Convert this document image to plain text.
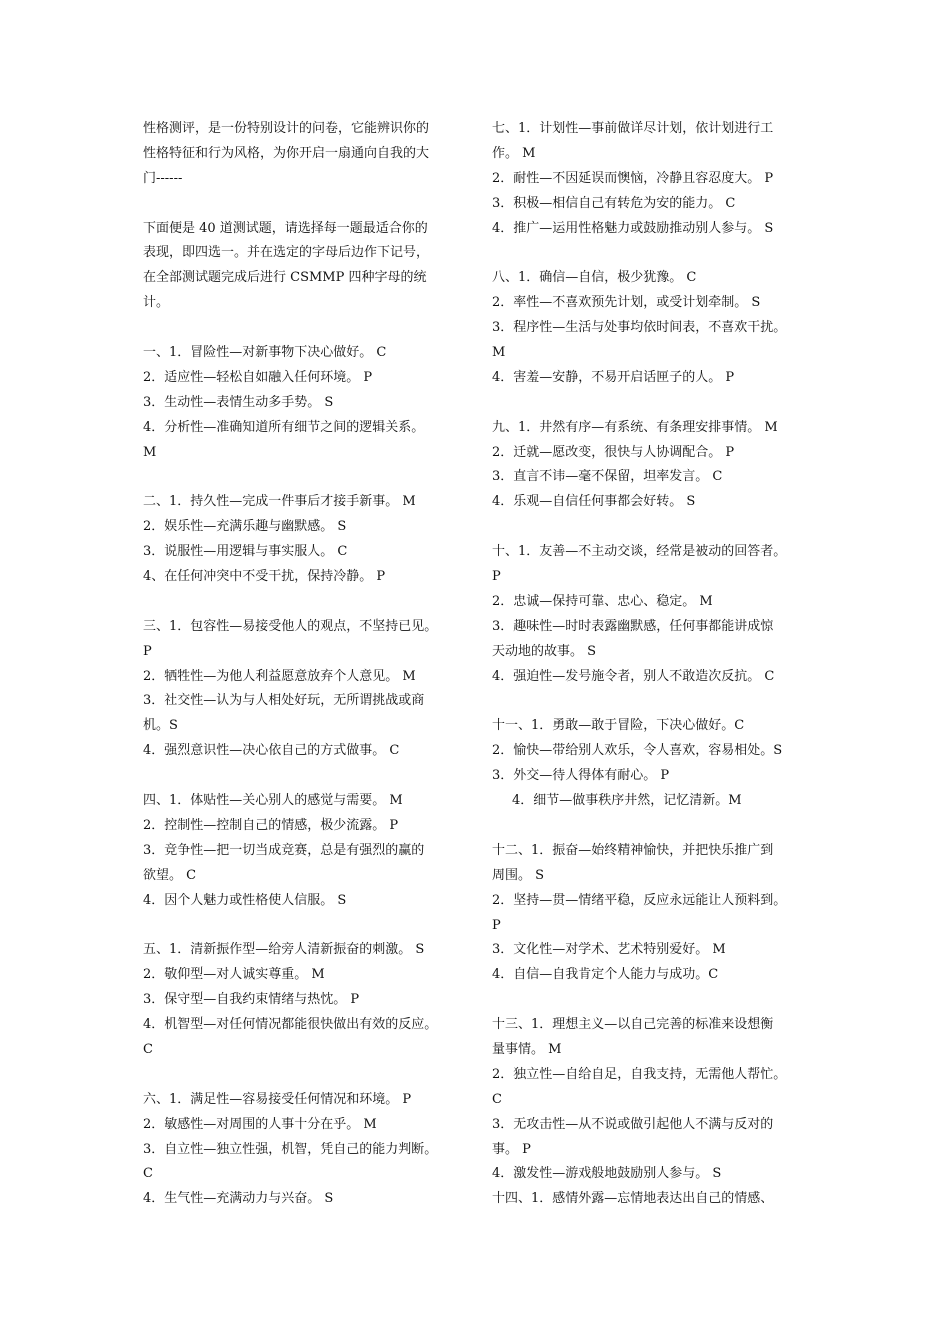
性格测评，是一份特别设计的问卷，它能辨识你的
性格特征和行为风格，为你开启一扇通向自我的大
门------
下面便是 40 道测试题，请选择每一题最适合你的
表现，即四选一。并在选定的字母后边作下记号，
在全部测试题完成后进行 CSMMP 四种字母的统
计。
一、1．冒险性—对新事物下决心做好。 C
2．适应性—轻松自如融入任何环境。 P
3．生动性—表情生动多手势。 S
4．分析性—准确知道所有细节之间的逻辑关系。
M
二、1．持久性—完成一件事后才接手新事。 M
2．娱乐性—充满乐趣与幽默感。 S
3．说服性—用逻辑与事实服人。 C
4、在任何冲突中不受干扰，保持冷静。 P
三、1．包容性—易接受他人的观点，不坚持已见。
P
2．牺牲性—为他人利益愿意放弃个人意见。 M
3．社交性—认为与人相处好玩，无所谓挑战或商
机。S
4．强烈意识性—决心依自己的方式做事。 C
四、1．体贴性—关心别人的感觉与需要。 M
2．控制性—控制自己的情感，极少流露。 P
3．竞争性—把一切当成竞赛，总是有强烈的赢的
欲望。 C
4．因个人魅力或性格使人信服。 S
五、1．清新振作型—给旁人清新振奋的刺激。 S
2．敬仰型—对人诚实尊重。 M
3．保守型—自我约束情绪与热忱。 P
4．机智型—对任何情况都能很快做出有效的反应。
C
六、1．满足性—容易接受任何情况和环境。 P
2．敏感性—对周围的人事十分在乎。 M
3．自立性—独立性强，机智，凭自己的能力判断。
C
4．生气性—充满动力与兴奋。 S
七、1．计划性—事前做详尽计划，依计划进行工
作。 M
2．耐性—不因延误而懊恼，冷静且容忍度大。 P
3．积极—相信自己有转危为安的能力。 C
4．推广—运用性格魅力或鼓励推动别人参与。 S
八、1．确信—自信，极少犹豫。 C
2．率性—不喜欢预先计划，或受计划牵制。 S
3．程序性—生活与处事均依时间表，不喜欢干扰。
M
4．害羞—安静，不易开启话匣子的人。 P
九、1．井然有序—有系统、有条理安排事情。 M
2．迁就—愿改变，很快与人协调配合。 P
3．直言不讳—毫不保留，坦率发言。 C
4．乐观—自信任何事都会好转。 S
十、1．友善—不主动交谈，经常是被动的回答者。
P
2．忠诚—保持可靠、忠心、稳定。 M
3．趣味性—时时表露幽默感，任何事都能讲成惊
天动地的故事。 S
4．强迫性—发号施令者，别人不敢造次反抗。 C
十一、1．勇敢—敢于冒险，下决心做好。C
2．愉快—带给别人欢乐，令人喜欢，容易相处。S
3．外交—待人得体有耐心。 P
4．细节—做事秩序井然，记忆清新。M
十二、1．振奋—始终精神愉快，并把快乐推广到
周围。 S
2．坚持—贯—情绪平稳，反应永远能让人预料到。
P
3．文化性—对学术、艺术特别爱好。 M
4．自信—自我肯定个人能力与成功。C
十三、1．理想主义—以自己完善的标准来设想衡
量事情。 M
2．独立性—自给自足，自我支持，无需他人帮忙。
C
3．无攻击性—从不说或做引起他人不满与反对的
事。 P
4．激发性—游戏般地鼓励别人参与。 S
十四、1．感情外露—忘情地表达出自己的情感、
